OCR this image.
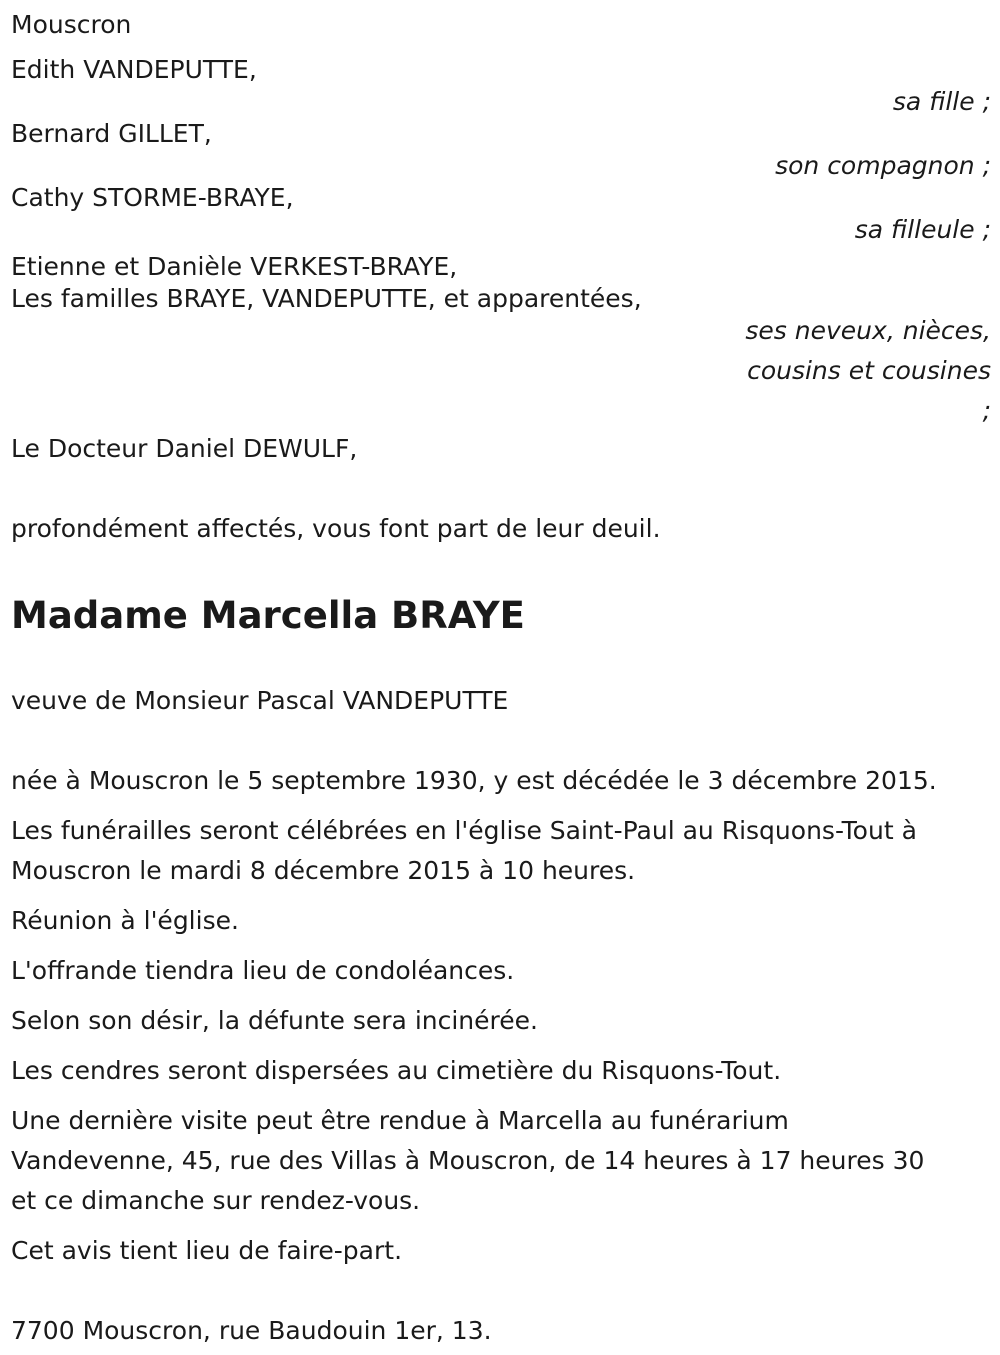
Mouscron

Edith VANDEPUTTE,

sa fille ;

Bernard GILLET,

son compagnon ;

Cathy STORME-BRAYE,

sa filleule ;

Etienne et Danièle VERKEST-BRAYE,

Les familles BRAYE, VANDEPUTTE, et apparentées,

ses neveux, nièces,

cousins et cousines

;

Le Docteur Daniel DEWULF,

profondément affectés, vous font part de leur deuil.

Madame Marcella BRAYE

veuve de Monsieur Pascal VANDEPUTTE

née à Mouscron le 5 septembre 1930, y est décédée le 3 décembre 2015.

Les funérailles seront célébrées en l'église Saint-Paul au Risquons-Tout à

Mouscron le mardi 8 décembre 2015 à 10 heures.

Réunion à l'église.

L'offrande tiendra lieu de condoléances.

Selon son désir, la défunte sera incinérée.

Les cendres seront dispersées au cimetière du Risquons-Tout.

Une dernière visite peut être rendue à Marcella au funérarium

Vandevenne, 45, rue des Villas à Mouscron, de 14 heures à 17 heures 30

et ce dimanche sur rendez-vous.

Cet avis tient lieu de faire-part.

7700 Mouscron, rue Baudouin 1er, 13.
